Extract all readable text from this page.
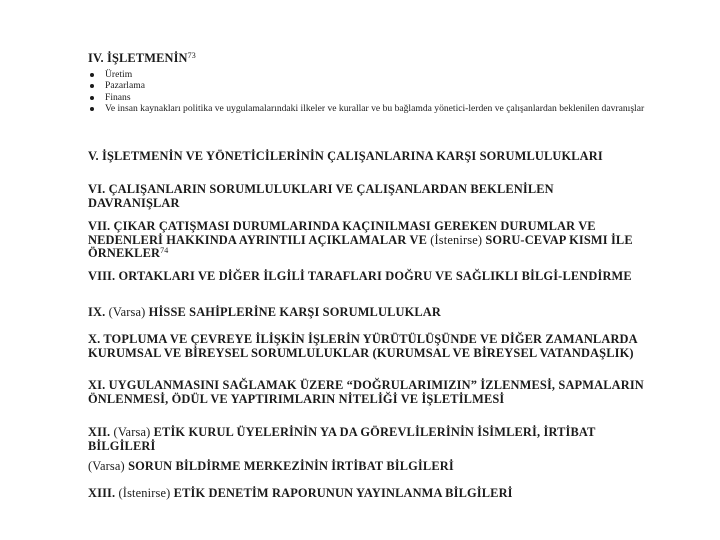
IV. İŞLETMENİN$^{73}$
Üretim
Pazarlama
Finans
Ve insan kaynakları politika ve uygulamalarındaki ilkeler ve kurallar ve bu bağlamda yönetici-lerden ve çalışanlardan beklenilen davranışlar
V. İŞLETMENİN VE YÖNETİCİLERİNİN ÇALIŞANLARINA KARŞI SORUMLULUKLARI
VI. ÇALIŞANLARIN SORUMLULUKLARI VE ÇALIŞANLARDAN BEKLENİLEN DAVRANIŞLAR
VII. ÇIKAR ÇATIŞMASI DURUMLARINDA KAÇINILMASI GEREKEN DURUMLAR VE NEDENLERİ HAKKINDA AYRINTILI AÇIKLAMALAR VE (İstenirse) SORU-CEVAP KISMI İLE ÖRNEKLER$^{74}$
VIII. ORTAKLARI VE DİĞER İLGİLİ TARAFLARI DOĞRU VE SAĞLIKLI BİLGİ-LENDİRME
IX. (Varsa) HİSSE SAHİPLERİNE KARŞI SORUMLULUKLAR
X. TOPLUMA VE ÇEVREYE İLİŞKİN İŞLERİN YÜRÜTÜLÜŞÜNDE VE DİĞER ZAMANLARDA KURUMSAL VE BİREYSEL SORUMLULUKLAR (KURUMSAL VE BİREYSEL VATANDAŞLIK)
XI. UYGULANMASINI SAĞLAMAK ÜZERE “DOĞRULARIMIZIN” İZLENMESİ, SAPMALARIN ÖNLENMESİ, ÖDÜL VE YAPTIRIMLARIN NİTELİĞİ VE İŞLETİLMESİ
XII. (Varsa) ETİK KURUL ÜYELERİNİN YA DA GÖREVLİLERİNİN İSİMLERİ, İRTİBAT BİLGİLERİ
(Varsa) SORUN BİLDİRME MERKEZİNİN İRTİBAT BİLGİLERİ
XIII. (İstenirse) ETİK DENETİM RAPORUNUN YAYINLANMA BİLGİLERİ
